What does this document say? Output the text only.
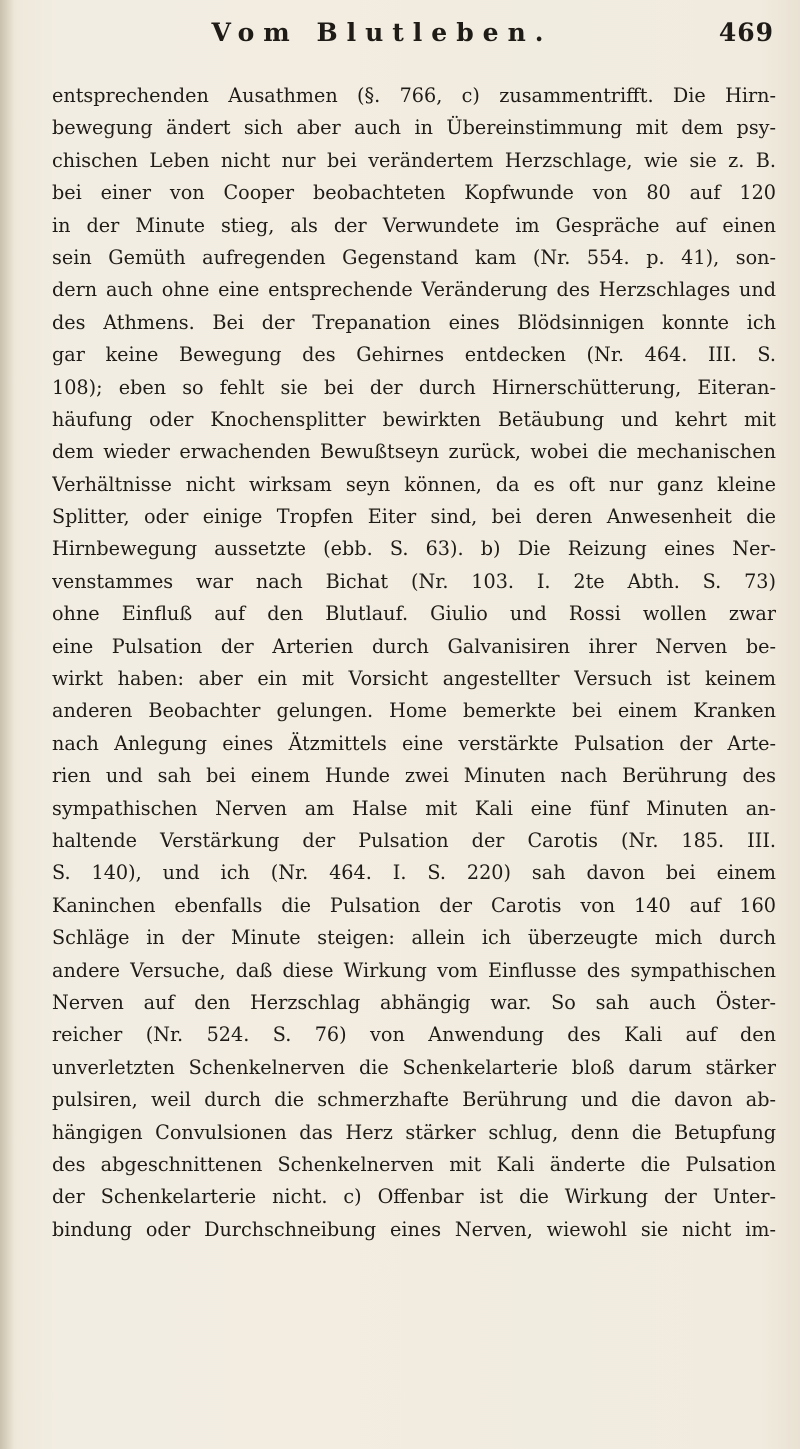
Vom Blutleben.	469
entsprechenden Ausathmen (§. 766, c) zusammentrifft. Die Hirn-
bewegung ändert sich aber auch in Übereinstimmung mit dem psy-
chischen Leben nicht nur bei verändertem Herzschlage, wie sie z. B.
bei einer von Cooper beobachteten Kopfwunde von 80 auf 120
in der Minute stieg, als der Verwundete im Gespräche auf einen
sein Gemüth aufregenden Gegenstand kam (Nr. 554. p. 41), son-
dern auch ohne eine entsprechende Veränderung des Herzschlages und
des Athmens. Bei der Trepanation eines Blödsinnigen konnte ich
gar keine Bewegung des Gehirnes entdecken (Nr. 464. III. S.
108); eben so fehlt sie bei der durch Hirnerschütterung, Eiteran-
häufung oder Knochensplitter bewirkten Betäubung und kehrt mit
dem wieder erwachenden Bewußtseyn zurück, wobei die mechanischen
Verhältnisse nicht wirksam seyn können, da es oft nur ganz kleine
Splitter, oder einige Tropfen Eiter sind, bei deren Anwesenheit die
Hirnbewegung aussetzte (ebb. S. 63). b) Die Reizung eines Ner-
venstammes war nach Bichat (Nr. 103. I. 2te Abth. S. 73)
ohne Einfluß auf den Blutlauf. Giulio und Rossi wollen zwar
eine Pulsation der Arterien durch Galvanisiren ihrer Nerven be-
wirkt haben: aber ein mit Vorsicht angestellter Versuch ist keinem
anderen Beobachter gelungen. Home bemerkte bei einem Kranken
nach Anlegung eines Ätzmittels eine verstärkte Pulsation der Arte-
rien und sah bei einem Hunde zwei Minuten nach Berührung des
sympathischen Nerven am Halse mit Kali eine fünf Minuten an-
haltende Verstärkung der Pulsation der Carotis (Nr. 185. III.
S. 140), und ich (Nr. 464. I. S. 220) sah davon bei einem
Kaninchen ebenfalls die Pulsation der Carotis von 140 auf 160
Schläge in der Minute steigen: allein ich überzeugte mich durch
andere Versuche, daß diese Wirkung vom Einflusse des sympathischen
Nerven auf den Herzschlag abhängig war. So sah auch Öster-
reicher (Nr. 524. S. 76) von Anwendung des Kali auf den
unverletzten Schenkelnerven die Schenkelarterie bloß darum stärker
pulsiren, weil durch die schmerzhafte Berührung und die davon ab-
hängigen Convulsionen das Herz stärker schlug, denn die Betupfung
des abgeschnittenen Schenkelnerven mit Kali änderte die Pulsation
der Schenkelarterie nicht. c) Offenbar ist die Wirkung der Unter-
bindung oder Durchschneibung eines Nerven, wiewohl sie nicht im-
